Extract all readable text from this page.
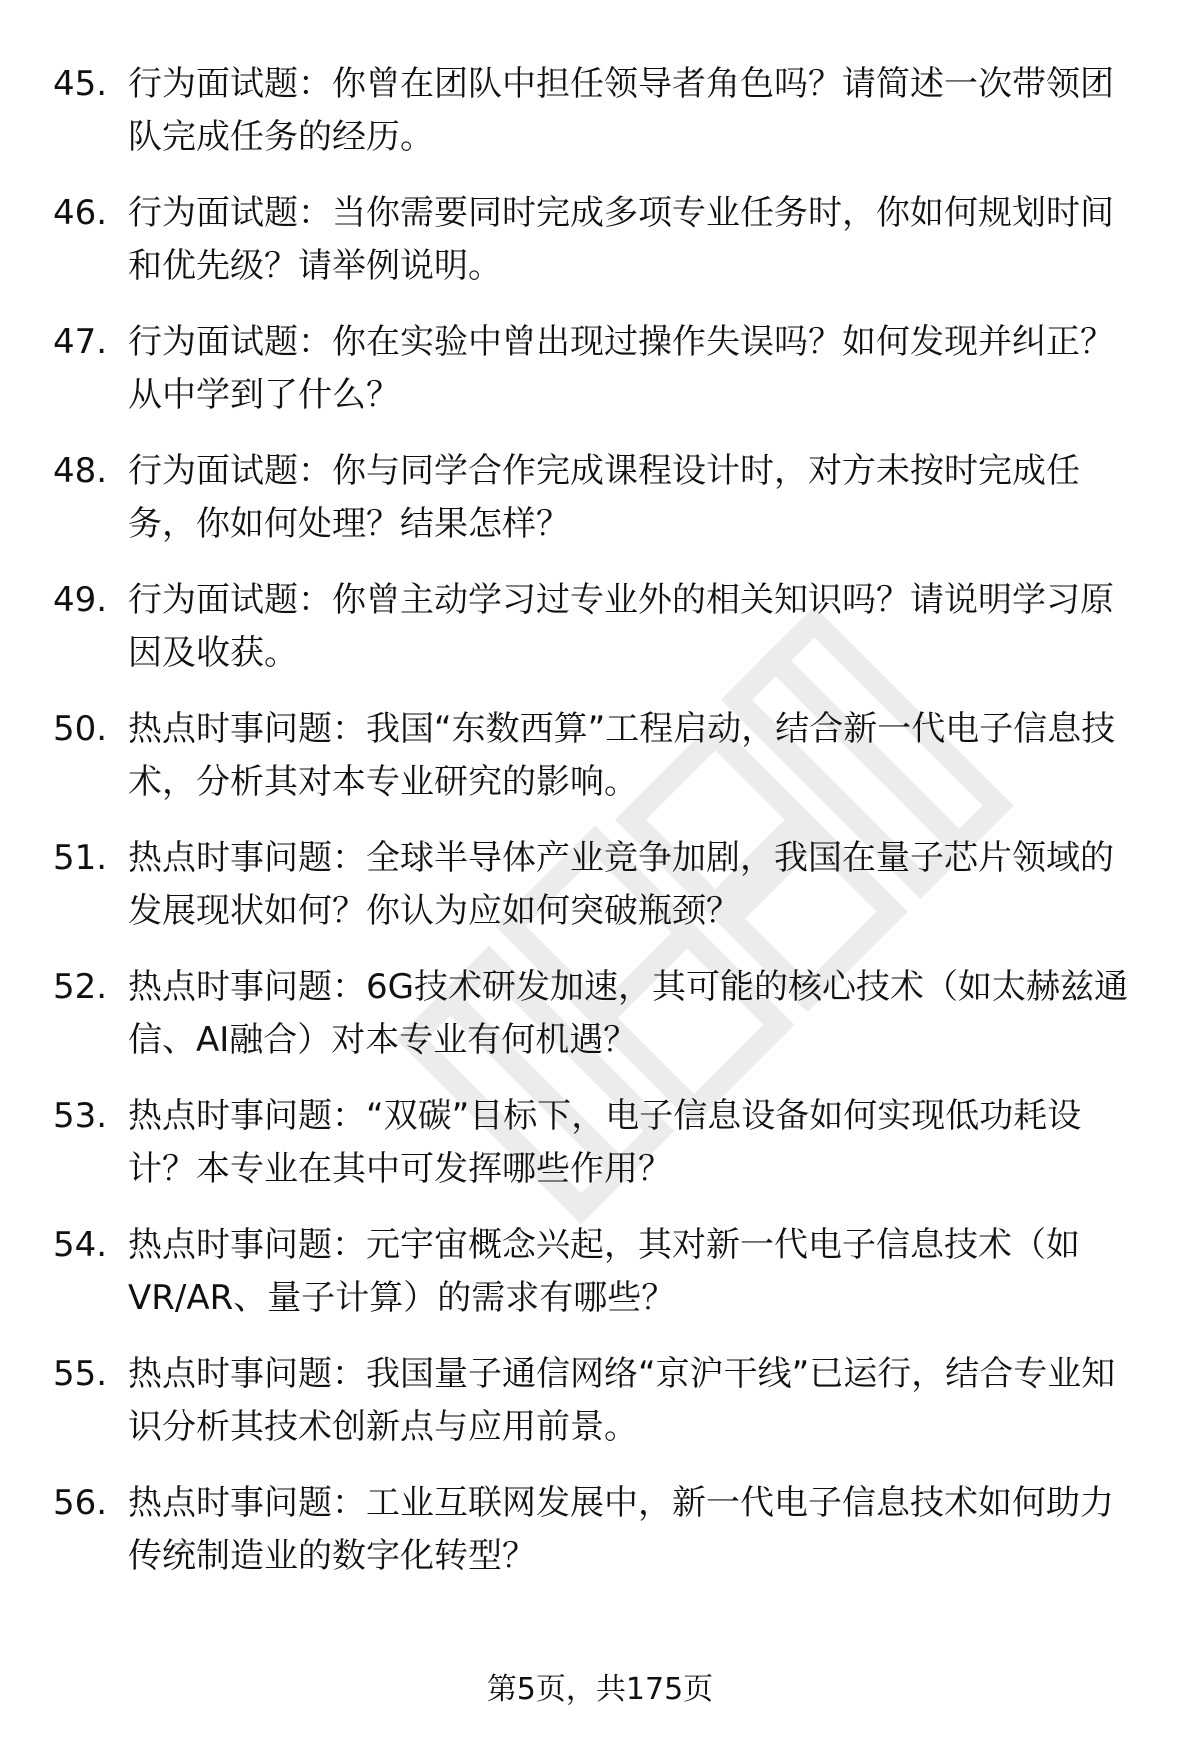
45. 行为面试题：你曾在团队中担任领导者角色吗？请简述一次带领团队完成任务的经历。
46. 行为面试题：当你需要同时完成多项专业任务时，你如何规划时间和优先级？请举例说明。
47. 行为面试题：你在实验中曾出现过操作失误吗？如何发现并纠正？从中学到了什么？
48. 行为面试题：你与同学合作完成课程设计时，对方未按时完成任务，你如何处理？结果怎样？
49. 行为面试题：你曾主动学习过专业外的相关知识吗？请说明学习原因及收获。
50. 热点时事问题：我国“东数西算”工程启动，结合新一代电子信息技术，分析其对本专业研究的影响。
51. 热点时事问题：全球半导体产业竞争加剧，我国在量子芯片领域的发展现状如何？你认为应如何突破瓶颈？
52. 热点时事问题：6G技术研发加速，其可能的核心技术（如太赫兹通信、AI融合）对本专业有何机遇？
53. 热点时事问题：“双碳”目标下，电子信息设备如何实现低功耗设计？本专业在其中可发挥哪些作用？
54. 热点时事问题：元宇宙概念兴起，其对新一代电子信息技术（如VR/AR、量子计算）的需求有哪些？
55. 热点时事问题：我国量子通信网络“京沪干线”已运行，结合专业知识分析其技术创新点与应用前景。
56. 热点时事问题：工业互联网发展中，新一代电子信息技术如何助力传统制造业的数字化转型？
第5页，共175页
